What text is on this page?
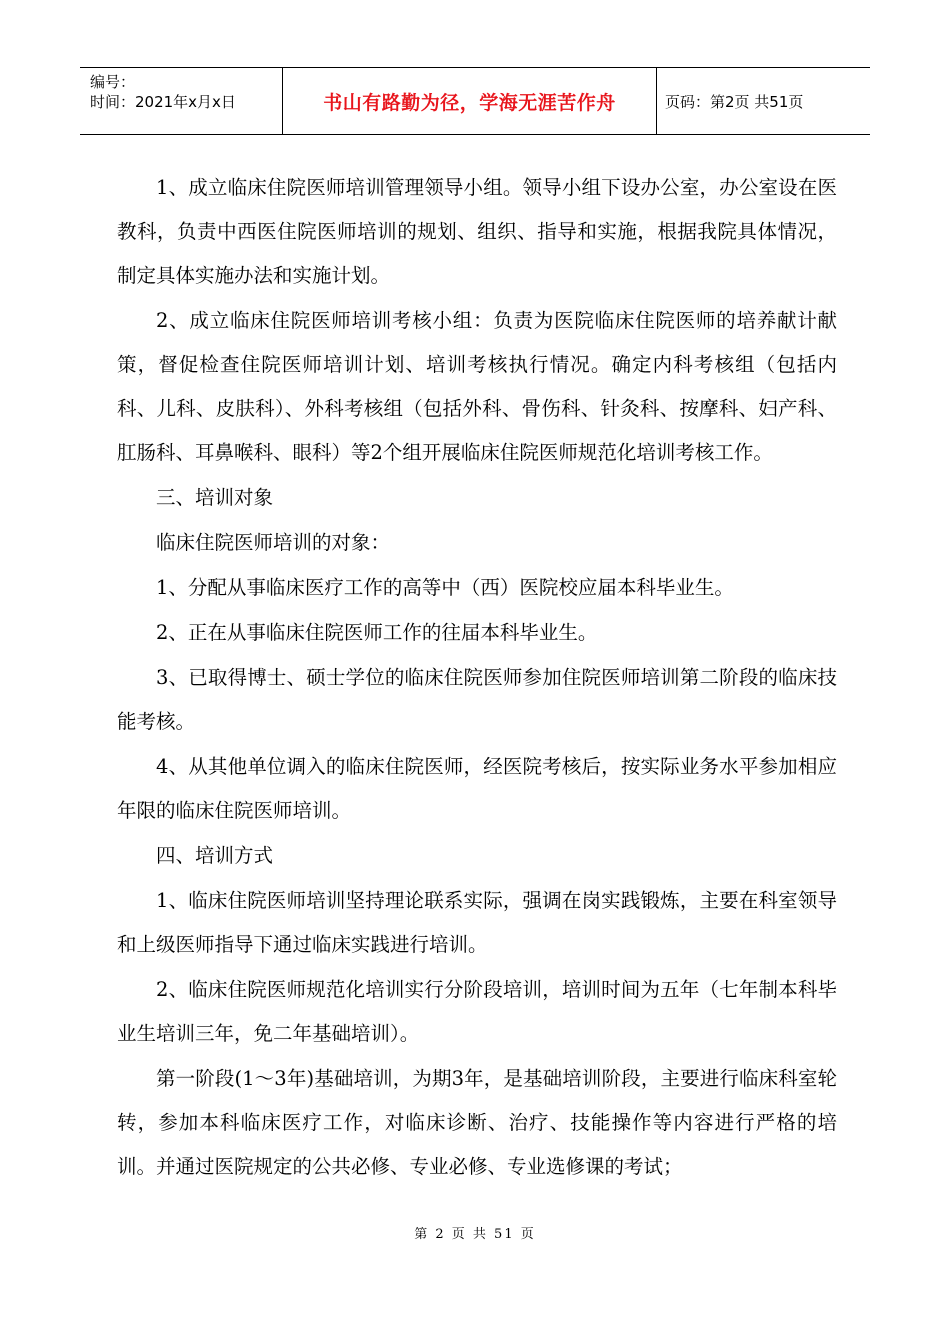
编号：
时间：2021年x月x日	书山有路勤为径，学海无涯苦作舟	页码：第2页 共51页

1、成立临床住院医师培训管理领导小组。领导小组下设办公室，办公室设在医教科，负责中西医住院医师培训的规划、组织、指导和实施，根据我院具体情况，制定具体实施办法和实施计划。

2、成立临床住院医师培训考核小组：负责为医院临床住院医师的培养献计献策，督促检查住院医师培训计划、培训考核执行情况。确定内科考核组（包括内科、儿科、皮肤科）、外科考核组（包括外科、骨伤科、针灸科、按摩科、妇产科、肛肠科、耳鼻喉科、眼科）等2个组开展临床住院医师规范化培训考核工作。

三、培训对象

临床住院医师培训的对象：

1、分配从事临床医疗工作的高等中（西）医院校应届本科毕业生。

2、正在从事临床住院医师工作的往届本科毕业生。

3、已取得博士、硕士学位的临床住院医师参加住院医师培训第二阶段的临床技能考核。

4、从其他单位调入的临床住院医师，经医院考核后，按实际业务水平参加相应年限的临床住院医师培训。

四、培训方式

1、临床住院医师培训坚持理论联系实际，强调在岗实践锻炼，主要在科室领导和上级医师指导下通过临床实践进行培训。

2、临床住院医师规范化培训实行分阶段培训，培训时间为五年（七年制本科毕业生培训三年，免二年基础培训）。

第一阶段(1～3年)基础培训，为期3年，是基础培训阶段，主要进行临床科室轮转，参加本科临床医疗工作，对临床诊断、治疗、技能操作等内容进行严格的培训。并通过医院规定的公共必修、专业必修、专业选修课的考试；

第 2 页 共 51 页
